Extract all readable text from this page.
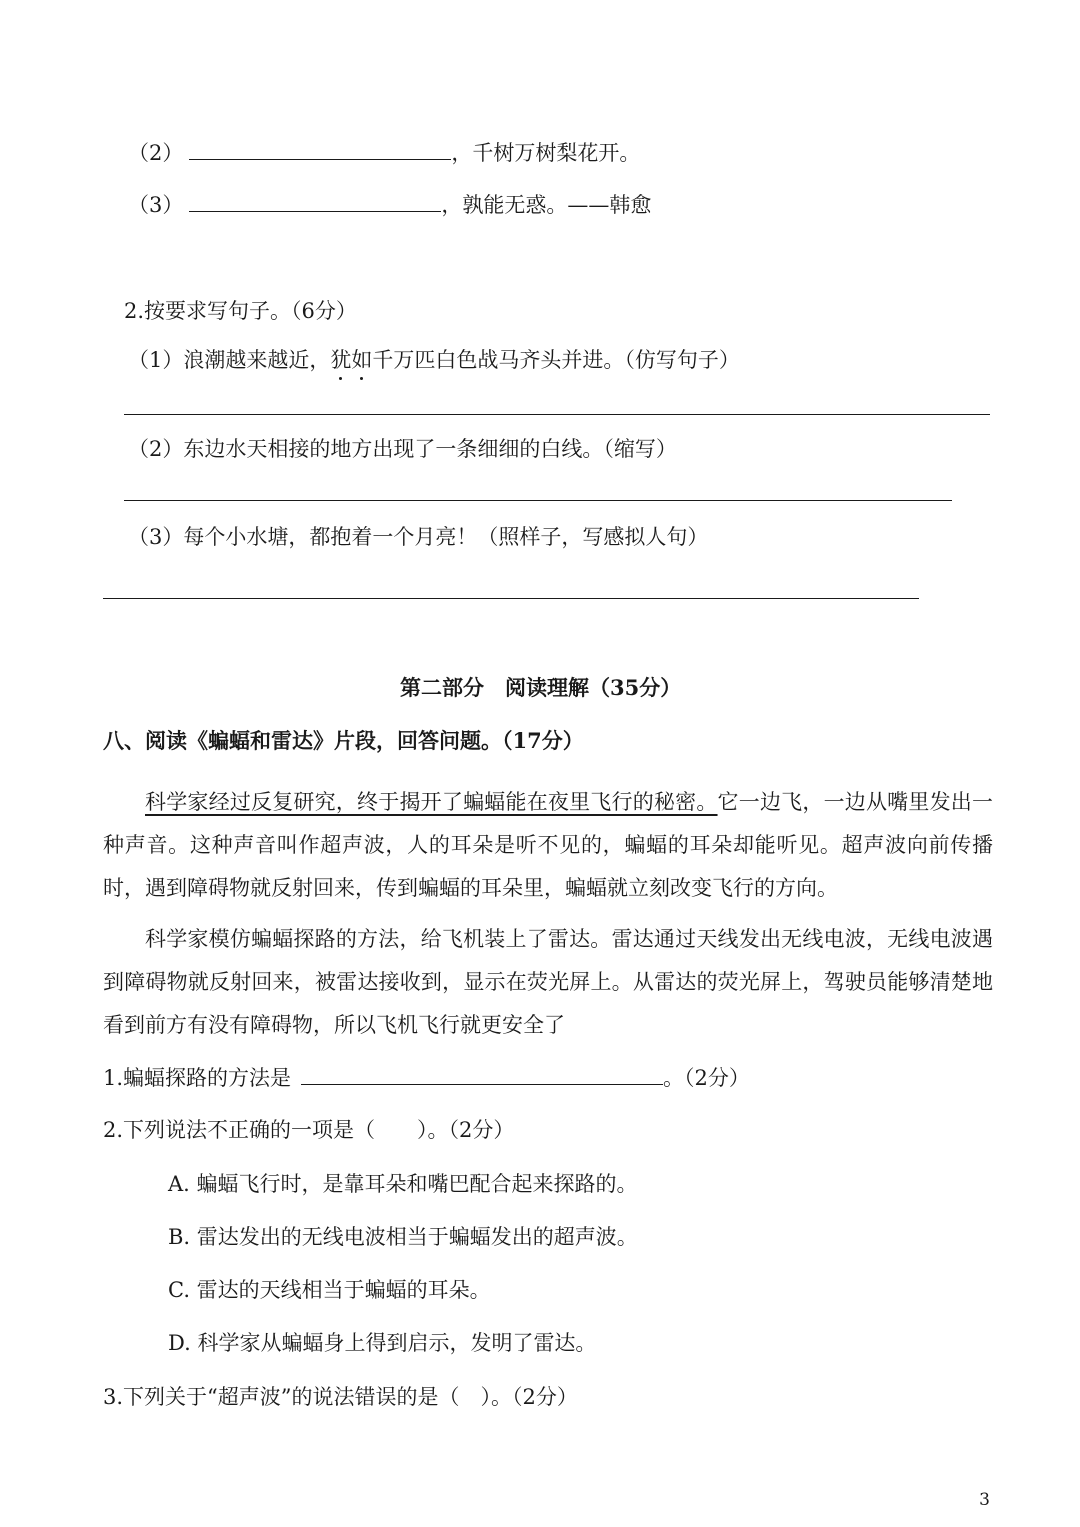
（2）	，千树万树梨花开。
（3）	，孰能无惑。——韩愈
2.按要求写句子。（6分）
（1）浪潮越来越近，犹如
千万匹白色战马齐头并进。（仿写句子）
（2）东边水天相接的地方出现了一条细细的白线。（缩写）
（3）每个小水塘，都抱着一个月亮！（照样子，写感拟人句）
第二部分　阅读理解（35分）
八、阅读《蝙蝠和雷达》片段，回答问题。（17分）
科学家经过反复研究，终于揭开了蝙蝠能在夜里飞行的秘密。它一边飞，一边从嘴里发出一种声音。这种声音叫作超声波，人的耳朵是听不见的，蝙蝠的耳朵却能听见。超声波向前传播时，遇到障碍物就反射回来，传到蝙蝠的耳朵里，蝙蝠就立刻改变飞行的方向。
科学家模仿蝙蝠探路的方法，给飞机装上了雷达。雷达通过天线发出无线电波，无线电波遇到障碍物就反射回来，被雷达接收到，显示在荧光屏上。从雷达的荧光屏上，驾驶员能够清楚地看到前方有没有障碍物，所以飞机飞行就更安全了
1.蝙蝠探路的方法是	。（2分）
2.下列说法不正确的一项是（　　）。（2分）
A. 蝙蝠飞行时，是靠耳朵和嘴巴配合起来探路的。
B. 雷达发出的无线电波相当于蝙蝠发出的超声波。
C. 雷达的天线相当于蝙蝠的耳朵。
D. 科学家从蝙蝠身上得到启示，发明了雷达。
3.下列关于“超声波”的说法错误的是（　）。（2分）
3
